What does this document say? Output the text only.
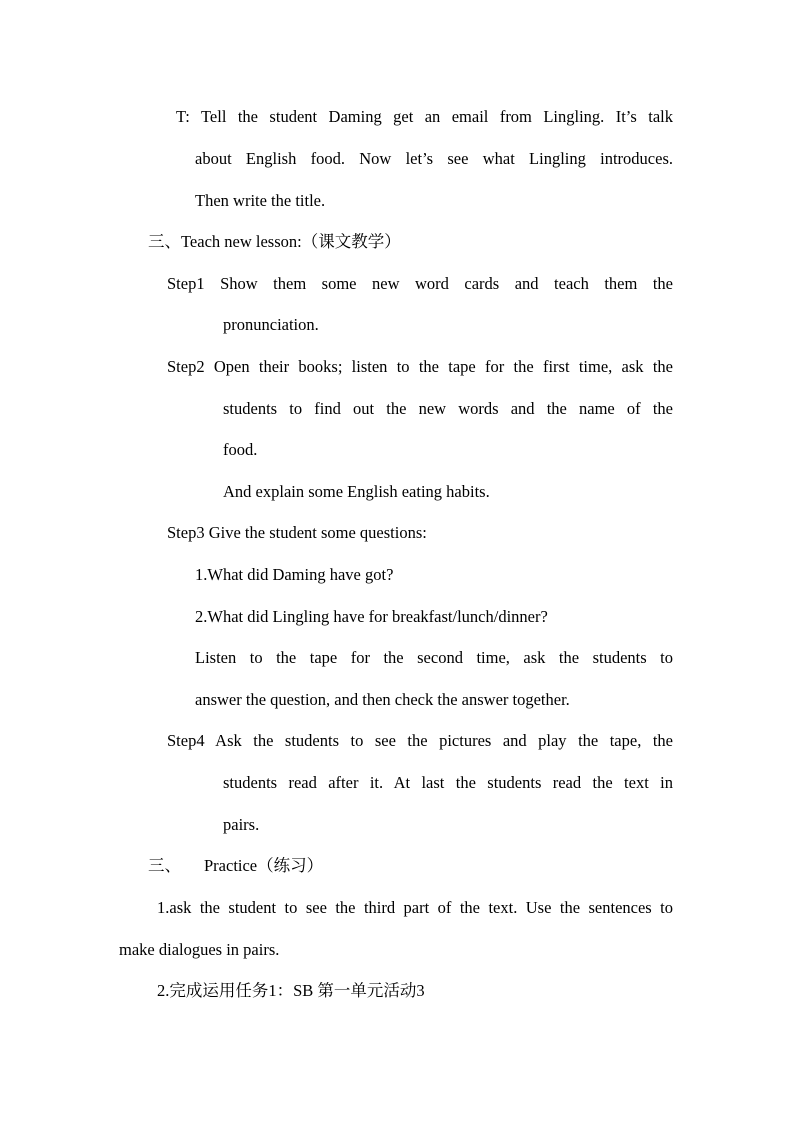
T: Tell the student Daming get an email from Lingling. It’s talk
about English food. Now let’s see what Lingling introduces.
Then write the title.
三、Teach new lesson:（课文教学）
Step1 Show them some new word cards and teach them the
pronunciation.
Step2 Open their books; listen to the tape for the first time, ask the
students to find out the new words and the name of the
food.
And explain some English eating habits.
Step3 Give the student some questions:
1.What did Daming have got?
2.What did Lingling have for breakfast/lunch/dinner?
Listen to the tape for the second time, ask the students to
answer the question, and then check the answer together.
Step4 Ask the students to see the pictures and play the tape, the
students read after it. At last the students read the text in
pairs.
三、 Practice（练习）
1.ask the student to see the third part of the text. Use the sentences to
make dialogues in pairs.
2.完成运用任务1：SB 第一单元活动3
